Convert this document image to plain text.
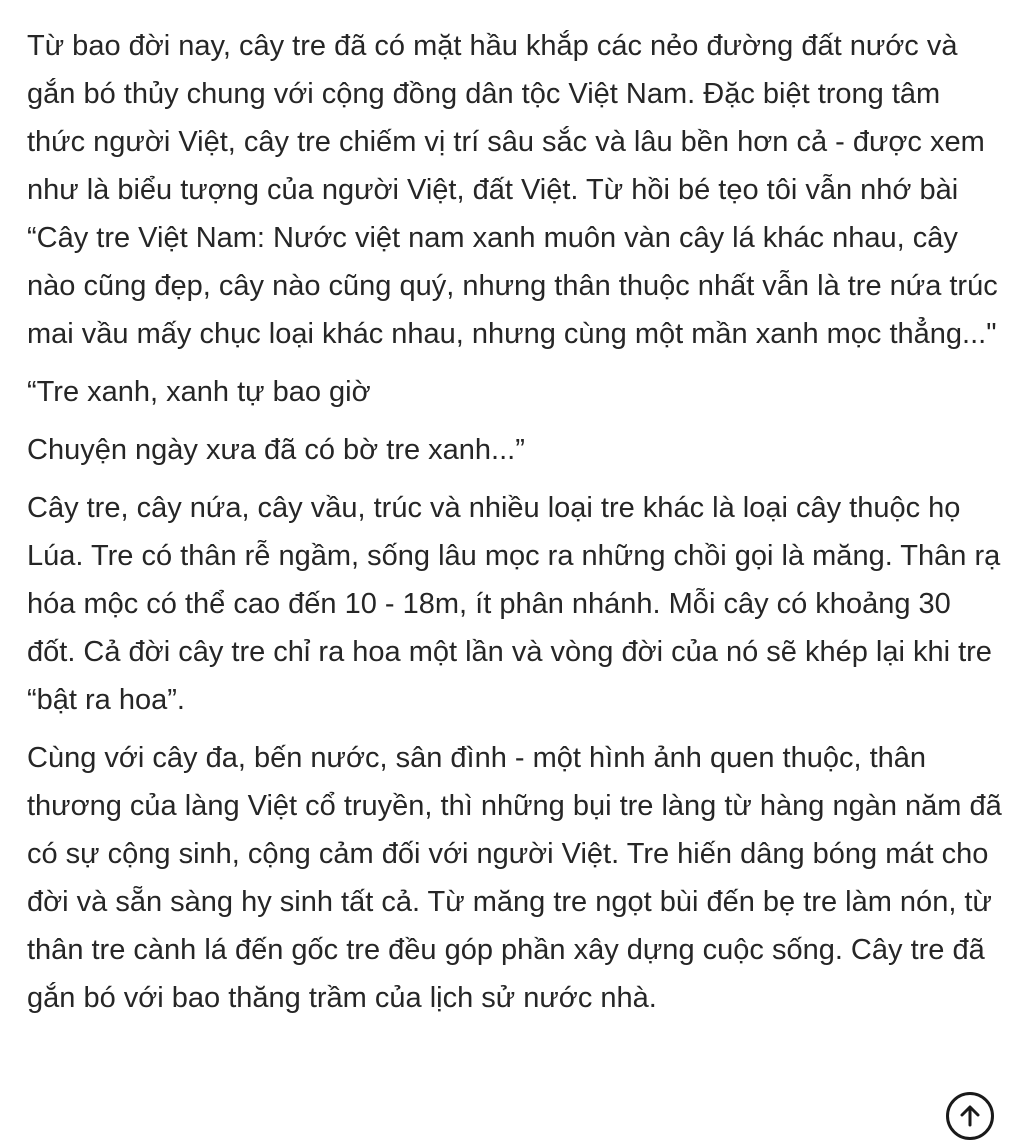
Từ bao đời nay, cây tre đã có mặt hầu khắp các nẻo đường đất nước và gắn bó thủy chung với cộng đồng dân tộc Việt Nam. Đặc biệt trong tâm thức người Việt, cây tre chiếm vị trí sâu sắc và lâu bền hơn cả - được xem như là biểu tượng của người Việt, đất Việt. Từ hồi bé tẹo tôi vẫn nhớ bài “Cây tre Việt Nam: Nước việt nam xanh muôn vàn cây lá khác nhau, cây nào cũng đẹp, cây nào cũng quý, nhưng thân thuộc nhất vẫn là tre nứa trúc mai vầu mấy chục loại khác nhau, nhưng cùng một mần xanh mọc thẳng..."

“Tre xanh, xanh tự bao giờ

Chuyện ngày xưa đã có bờ tre xanh...”

Cây tre, cây nứa, cây vầu, trúc và nhiều loại tre khác là loại cây thuộc họ Lúa. Tre có thân rễ ngầm, sống lâu mọc ra những chồi gọi là măng. Thân rạ hóa mộc có thể cao đến 10 - 18m, ít phân nhánh. Mỗi cây có khoảng 30 đốt. Cả đời cây tre chỉ ra hoa một lần và vòng đời của nó sẽ khép lại khi tre “bật ra hoa”.

Cùng với cây đa, bến nước, sân đình - một hình ảnh quen thuộc, thân thương của làng Việt cổ truyền, thì những bụi tre làng từ hàng ngàn năm đã có sự cộng sinh, cộng cảm đối với người Việt. Tre hiến dâng bóng mát cho đời và sẵn sàng hy sinh tất cả. Từ măng tre ngọt bùi đến bẹ tre làm nón, từ thân tre cành lá đến gốc tre đều góp phần xây dựng cuộc sống. Cây tre đã gắn bó với bao thăng trầm của lịch sử nước nhà.
